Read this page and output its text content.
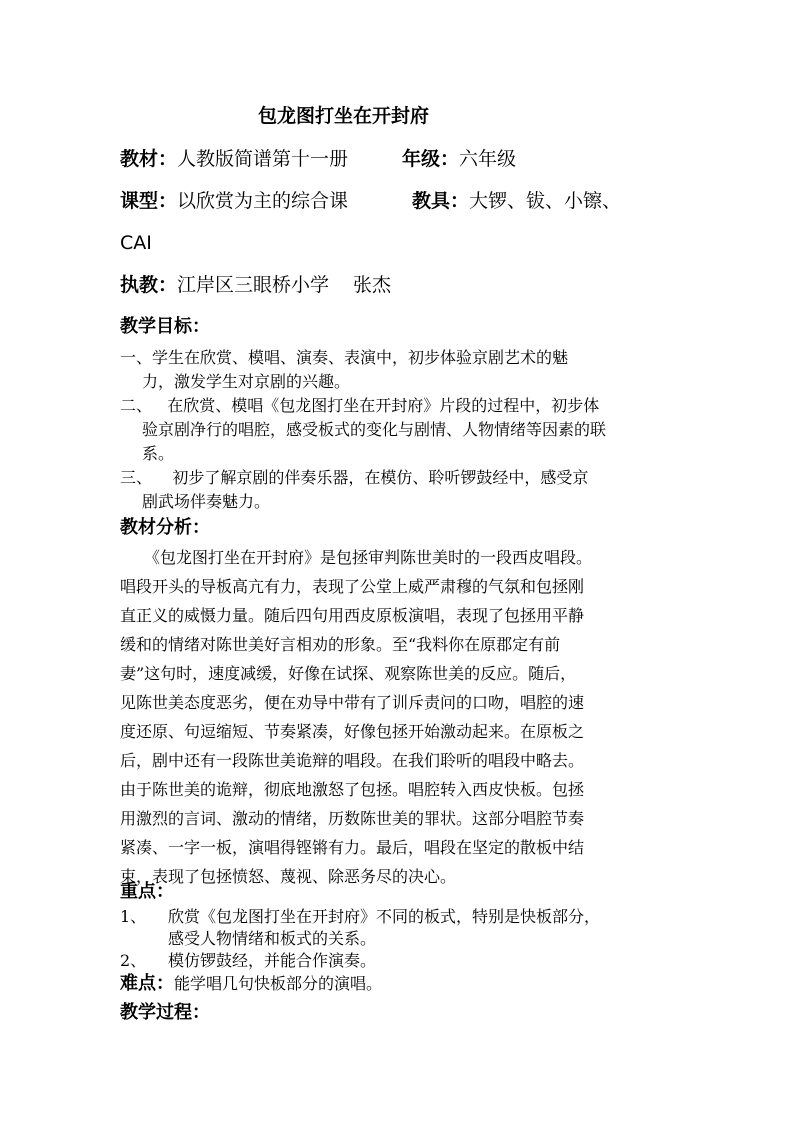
包龙图打坐在开封府
教材：人教版简谱第十一册	年级：六年级
课型：以欣赏为主的综合课	教具：大锣、钹、小镲、
CAI
执教：江岸区三眼桥小学 张杰
教学目标：
一、学生在欣赏、模唱、演奏、表演中，初步体验京剧艺术的魅
力，激发学生对京剧的兴趣。
二、   在欣赏、模唱《包龙图打坐在开封府》片段的过程中，初步体
验京剧净行的唱腔，感受板式的变化与剧情、人物情绪等因素的联
系。
三、    初步了解京剧的伴奏乐器，在模仿、聆听锣鼓经中，感受京
剧武场伴奏魅力。
教材分析：
《包龙图打坐在开封府》是包拯审判陈世美时的一段西皮唱段。
唱段开头的导板高亢有力，表现了公堂上威严肃穆的气氛和包拯刚
直正义的威慑力量。随后四句用西皮原板演唱，表现了包拯用平静
缓和的情绪对陈世美好言相劝的形象。至“我料你在原郡定有前
妻”这句时，速度减缓，好像在试探、观察陈世美的反应。随后，
见陈世美态度恶劣，便在劝导中带有了训斥责问的口吻，唱腔的速
度还原、句逗缩短、节奏紧凑，好像包拯开始激动起来。在原板之
后，剧中还有一段陈世美诡辩的唱段。在我们聆听的唱段中略去。
由于陈世美的诡辩，彻底地激怒了包拯。唱腔转入西皮快板。包拯
用激烈的言词、激动的情绪，历数陈世美的罪状。这部分唱腔节奏
紧凑、一字一板，演唱得铿锵有力。最后，唱段在坚定的散板中结
束，表现了包拯愤怒、蔑视、除恶务尽的决心。
重点：
1、 欣赏《包龙图打坐在开封府》不同的板式，特别是快板部分，
感受人物情绪和板式的关系。
2、 模仿锣鼓经，并能合作演奏。
难点：能学唱几句快板部分的演唱。
教学过程：
